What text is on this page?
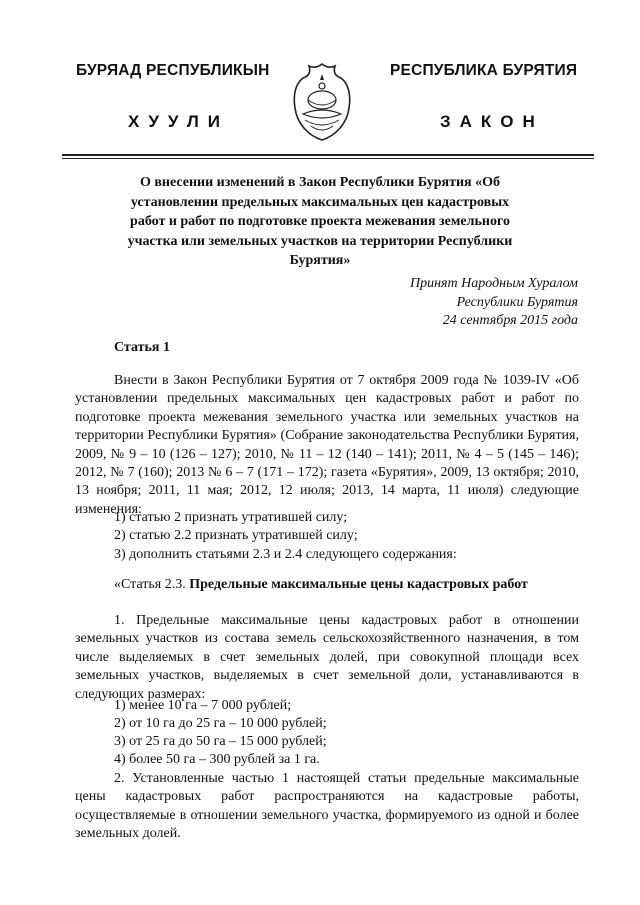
БУРЯАД РЕСПУБЛИКЫН
ХУУЛИ
РЕСПУБЛИКА БУРЯТИЯ
ЗАКОН
О внесении изменений в Закон Республики Бурятия «Об установлении предельных максимальных цен кадастровых работ и работ по подготовке проекта межевания земельного участка или земельных участков на территории Республики Бурятия»
Принят Народным Хуралом
Республики Бурятия
24 сентября 2015 года
Статья 1
Внести в Закон Республики Бурятия от 7 октября 2009 года № 1039-IV «Об установлении предельных максимальных цен кадастровых работ и работ по подготовке проекта межевания земельного участка или земельных участков на территории Республики Бурятия» (Собрание законодательства Республики Бурятия, 2009, № 9 – 10 (126 – 127); 2010, № 11 – 12 (140 – 141); 2011, № 4 – 5 (145 – 146); 2012, № 7 (160); 2013 № 6 – 7 (171 – 172); газета «Бурятия», 2009, 13 октября; 2010, 13 ноября; 2011, 11 мая; 2012, 12 июля; 2013, 14 марта, 11 июля) следующие изменения:
1) статью 2 признать утратившей силу;
2) статью 2.2 признать утратившей силу;
3) дополнить статьями 2.3 и 2.4 следующего содержания:
«Статья 2.3. Предельные максимальные цены кадастровых работ
1. Предельные максимальные цены кадастровых работ в отношении земельных участков из состава земель сельскохозяйственного назначения, в том числе выделяемых в счет земельных долей, при совокупной площади всех земельных участков, выделяемых в счет земельной доли, устанавливаются в следующих размерах:
1) менее 10 га – 7 000 рублей;
2) от 10 га до 25 га – 10 000 рублей;
3) от 25 га до 50 га – 15 000 рублей;
4) более 50 га – 300 рублей за 1 га.
2. Установленные частью 1 настоящей статьи предельные максимальные цены кадастровых работ распространяются на кадастровые работы, осуществляемые в отношении земельного участка, формируемого из одной и более земельных долей.
